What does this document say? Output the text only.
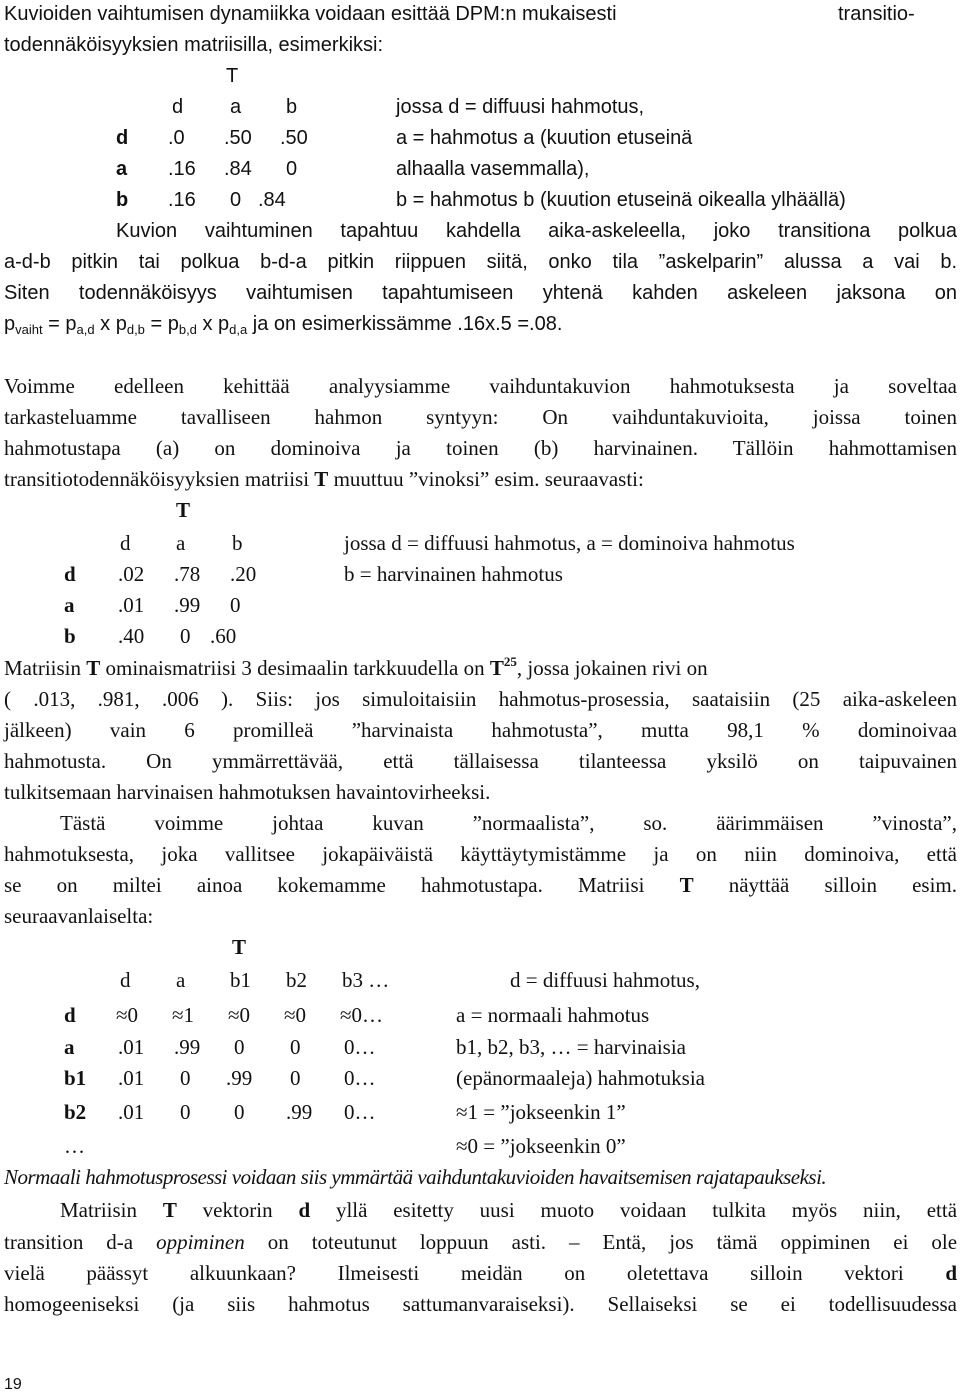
Kuvioiden vaihtumisen dynamiikka voidaan esittää DPM:n mukaisesti	transitio-
todennäköisyyksien matriisilla, esimerkiksi:
T
d a b	jossa d = diffuusi hahmotus,
d .0 .50 .50	a = hahmotus a (kuution etuseinä
a .16 .84 0	alhaalla vasemmalla),
b .16 0 .84	b = hahmotus b (kuution etuseinä oikealla ylhäällä)
Kuvion vaihtuminen tapahtuu kahdella aika-askeleella, joko transitiona polkua
a-d-b pitkin tai polkua b-d-a pitkin riippuen siitä, onko tila ”askelparin” alussa a vai b.
Siten todennäköisyys vaihtumisen tapahtumiseen yhtenä kahden askeleen jaksona on
$p_{vaiht} = p_{a,d}$ x $p_{d,b} = p_{b,d}$ x $p_{d,a}$ ja on esimerkissämme .16x.5 =.08.
Voimme edelleen kehittää analyysiamme vaihduntakuvion hahmotuksesta ja soveltaa
tarkasteluamme tavalliseen hahmon syntyyn: On vaihduntakuvioita, joissa toinen
hahmotustapa (a) on dominoiva ja toinen (b) harvinainen. Tällöin hahmottamisen
transitiotodennäköisyyksien matriisi T muuttuu ”vinoksi” esim. seuraavasti:
T
d a b	jossa d = diffuusi hahmotus, a = dominoiva hahmotus
d .02 .78 .20	b = harvinainen hahmotus
a .01 .99 0
b .40 0 .60
Matriisin T ominaismatriisi 3 desimaalin tarkkuudella on $T^{25}$, jossa jokainen rivi on
( .013, .981, .006 ). Siis: jos simuloitaisiin hahmotus-prosessia, saataisiin (25 aika-askeleen
jälkeen) vain 6 promilleä ”harvinaista hahmotusta”, mutta 98,1 % dominoivaa
hahmotusta. On ymmärrettävää, että tällaisessa tilanteessa yksilö on taipuvainen
tulkitsemaan harvinaisen hahmotuksen havaintovirheeksi.
Tästä voimme johtaa kuvan ”normaalista”, so. äärimmäisen ”vinosta”,
hahmotuksesta, joka vallitsee jokapäiväistä käyttäytymistämme ja on niin dominoiva, että
se on miltei ainoa kokemamme hahmotustapa. Matriisi T näyttää silloin esim.
seuraavanlaiselta:
T
d a b1 b2 b3 …	d = diffuusi hahmotus,
d ≈0 ≈1 ≈0 ≈0 ≈0…	a = normaali hahmotus
a .01 .99 0 0 0…	b1, b2, b3, … = harvinaisia
b1 .01 0 .99 0 0…	(epänormaaleja) hahmotuksia
b2 .01 0 0 .99 0…	≈1 = ”jokseenkin 1”
…	≈0 = ”jokseenkin 0”
Normaali hahmotusprosessi voidaan siis ymmärtää vaihduntakuvioiden havaitsemisen rajatapaukseksi.
Matriisin T vektorin d yllä esitetty uusi muoto voidaan tulkita myös niin, että
transition d-a oppiminen on toteutunut loppuun asti. – Entä, jos tämä oppiminen ei ole
vielä päässyt alkuunkaan? Ilmeisesti meidän on oletettava silloin vektori d
homogeeniseksi (ja siis hahmotus sattumanvaraiseksi). Sellaiseksi se ei todellisuudessa
19
